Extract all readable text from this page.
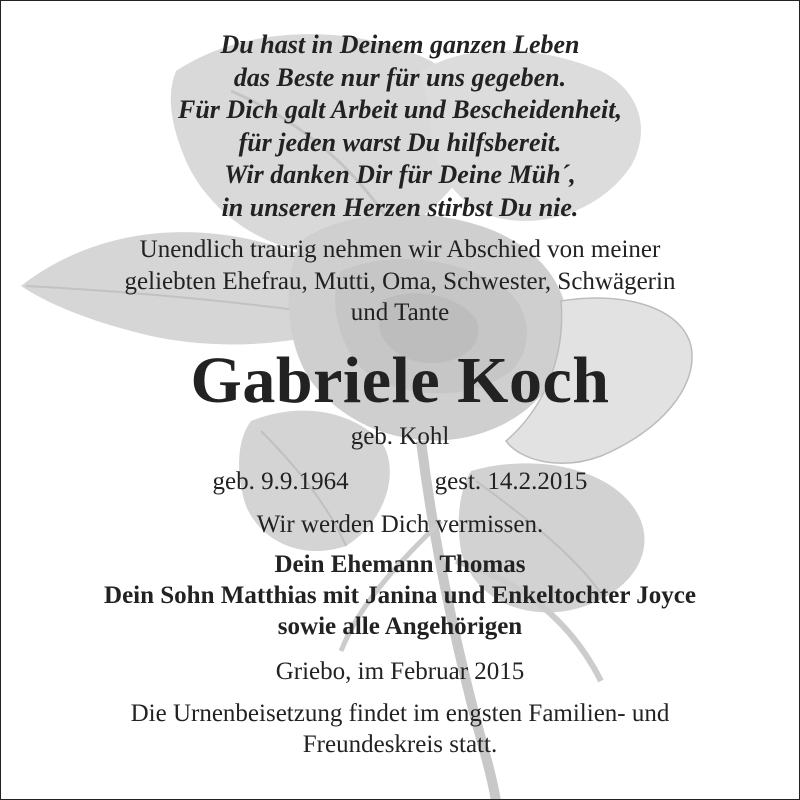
Du hast in Deinem ganzen Leben
das Beste nur für uns gegeben.
Für Dich galt Arbeit und Bescheidenheit,
für jeden warst Du hilfsbereit.
Wir danken Dir für Deine Müh´,
in unseren Herzen stirbst Du nie.
Unendlich traurig nehmen wir Abschied von meiner
geliebten Ehefrau, Mutti, Oma, Schwester, Schwägerin
und Tante
Gabriele Koch
geb. Kohl
geb. 9.9.1964	gest. 14.2.2015
Wir werden Dich vermissen.
Dein Ehemann Thomas
Dein Sohn Matthias mit Janina und Enkeltochter Joyce
sowie alle Angehörigen
Griebo, im Februar 2015
Die Urnenbeisetzung findet im engsten Familien- und
Freundeskreis statt.
